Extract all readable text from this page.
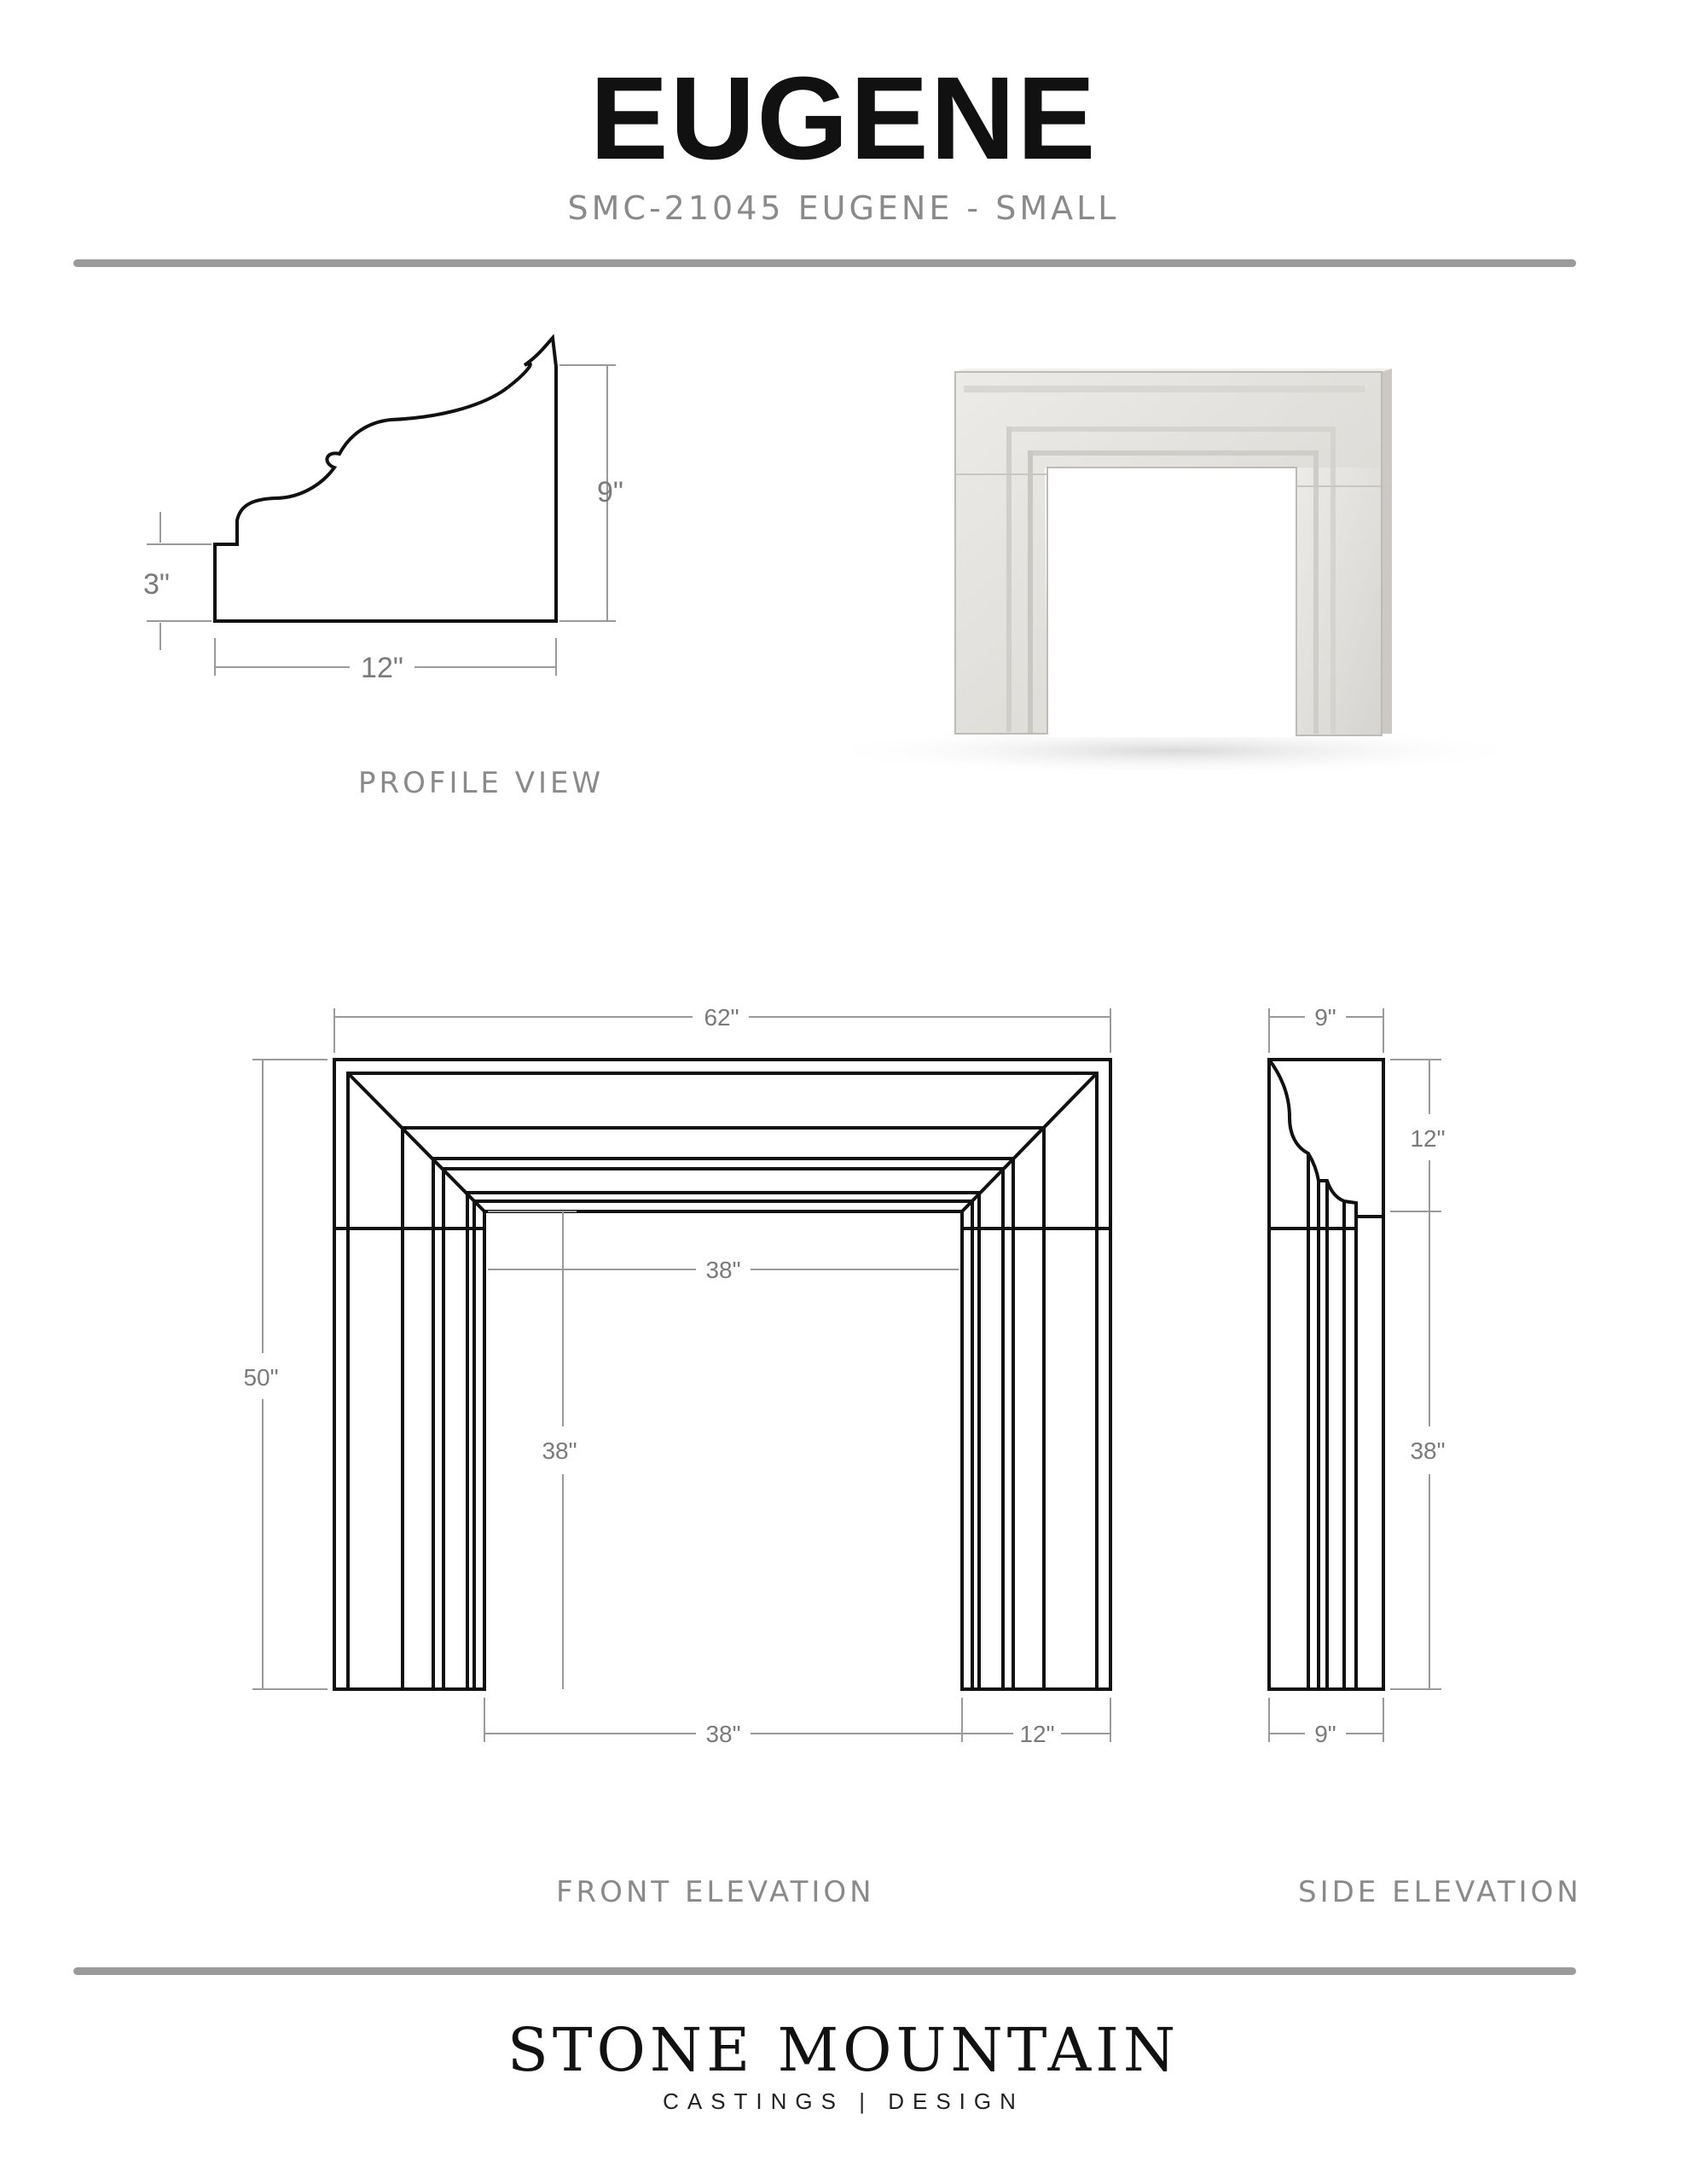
EUGENE
SMC-21045 EUGENE - SMALL
3"
9"
12"
62"
50"
38"
38"
38"	12"
9"
12"
38"
9"
PROFILE VIEW
FRONT ELEVATION	SIDE ELEVATION
STONE MOUNTAIN
CASTINGS | DESIGN
